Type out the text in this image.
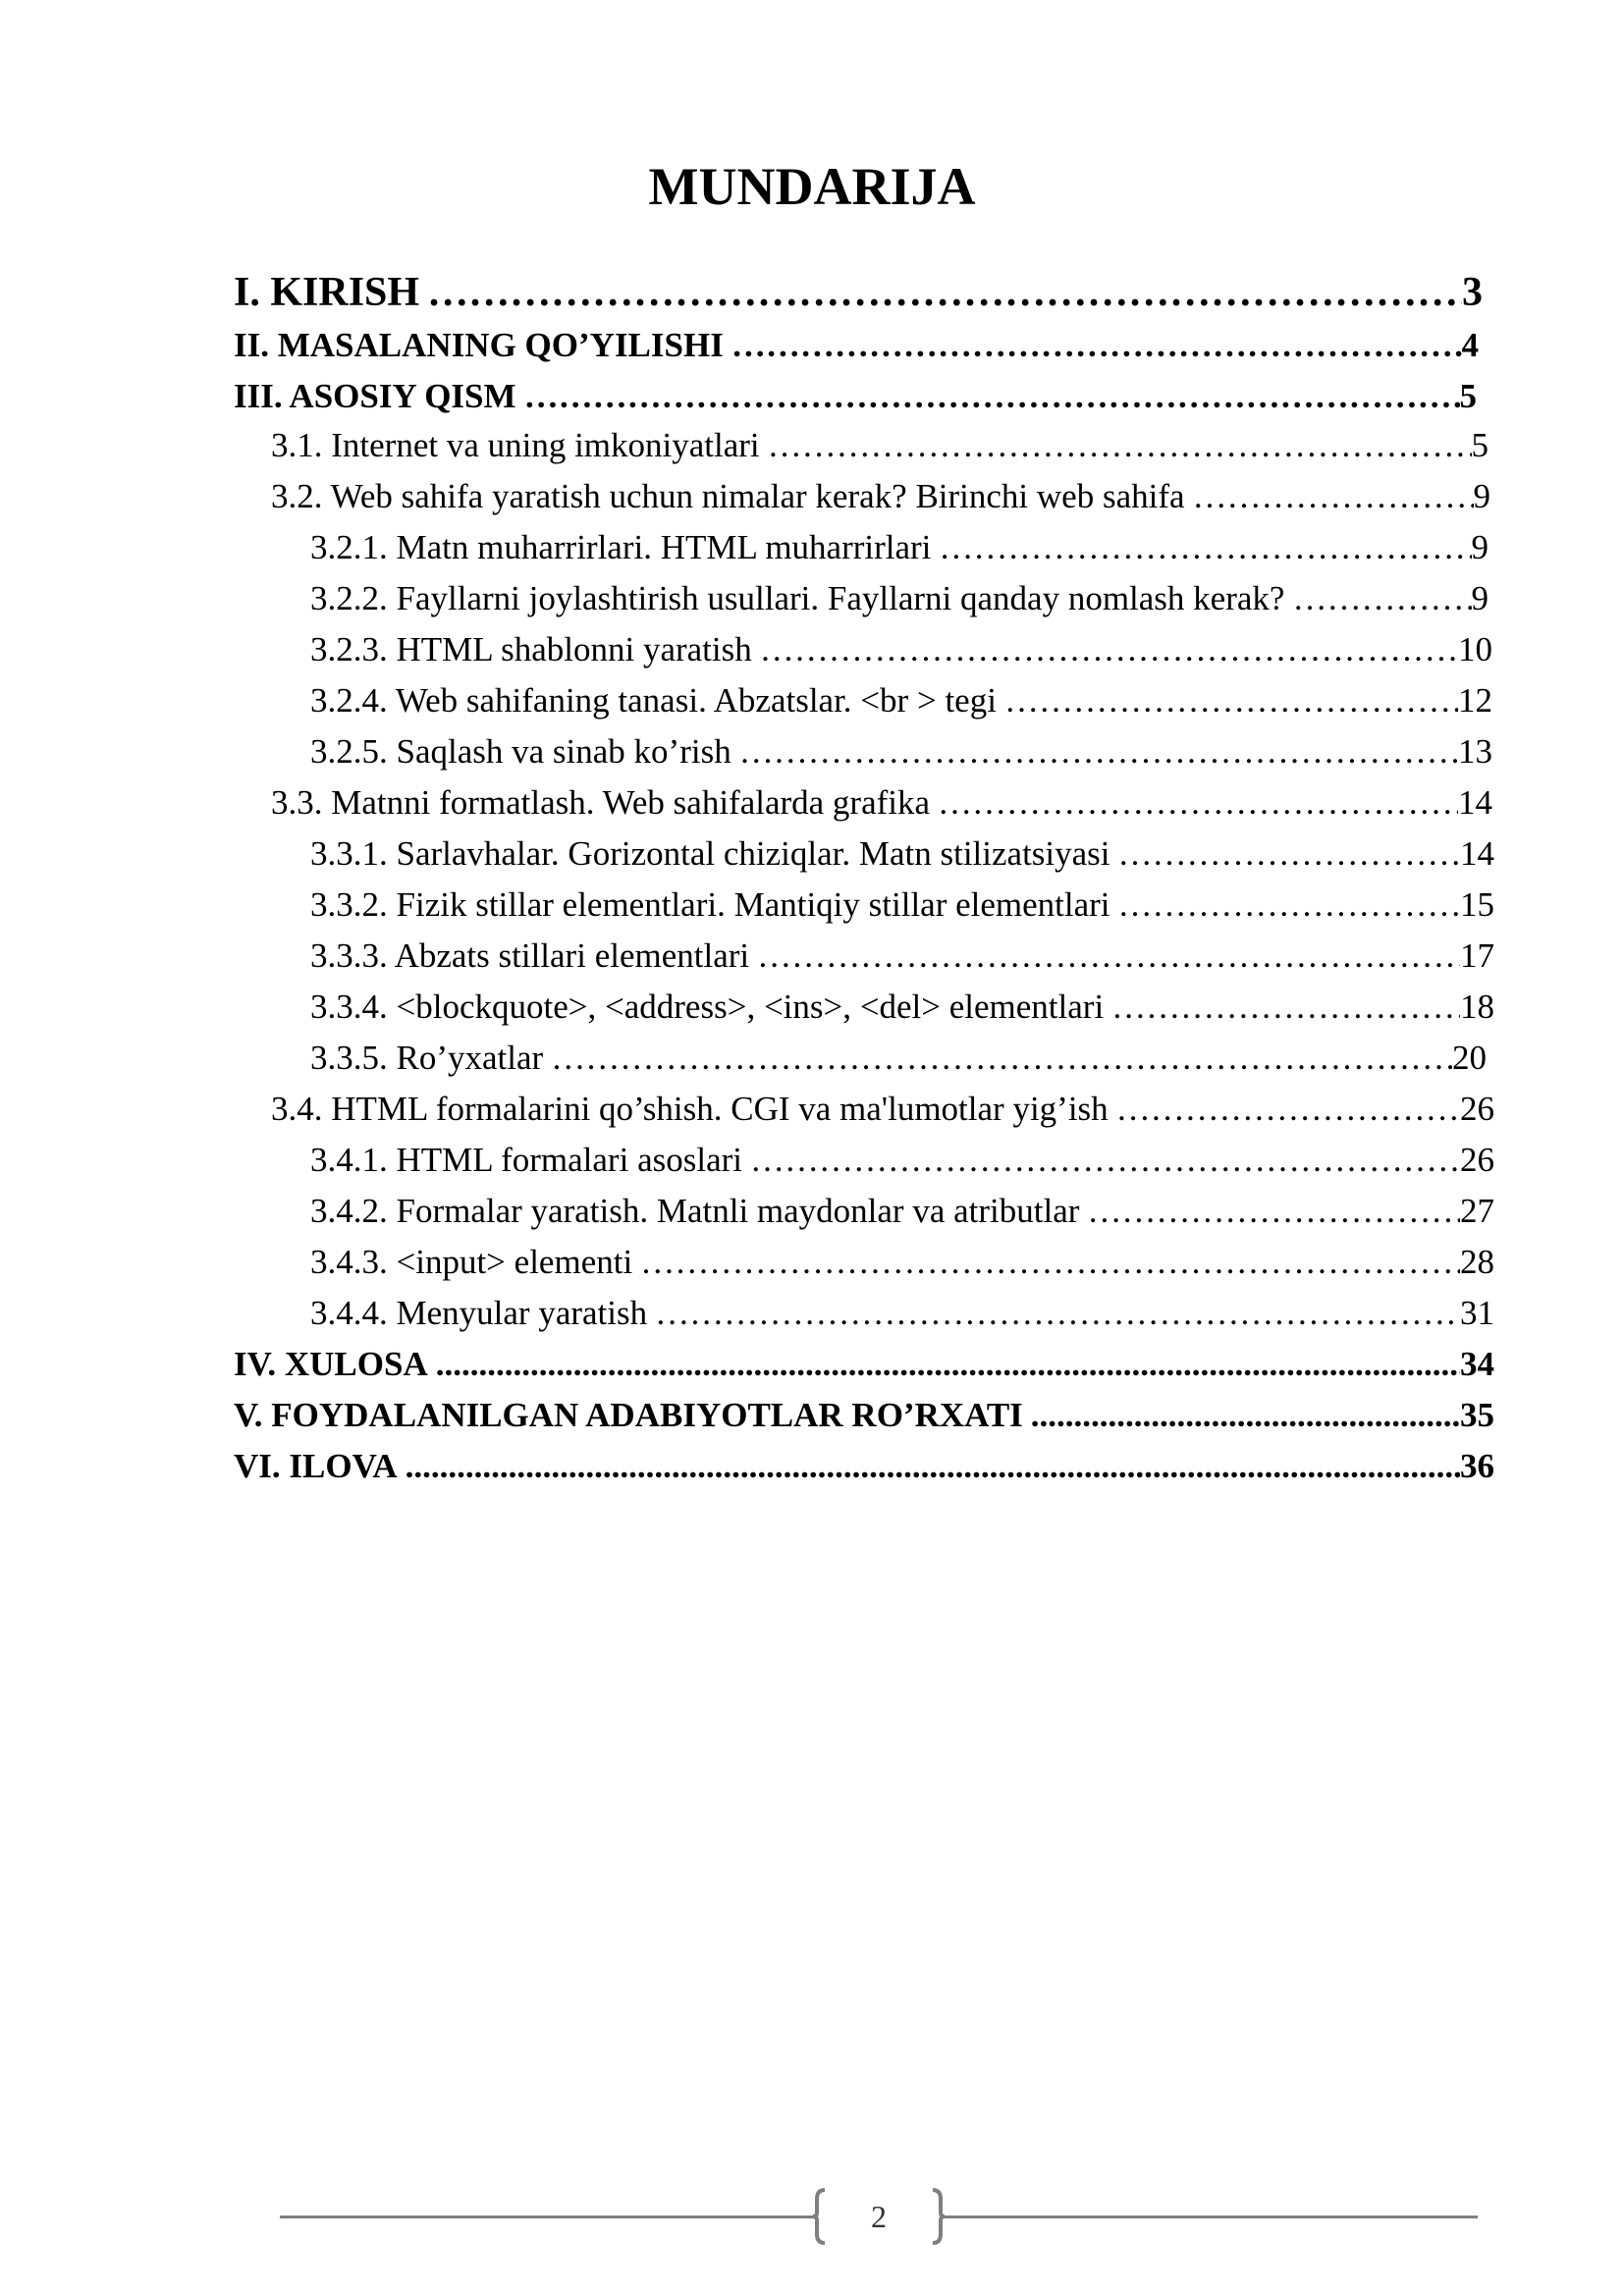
MUNDARIJA
I. KIRISH ……………………………………………………………………………………………………………………………………………………………………………………	3
II. MASALANING QO’YILISHI ……………………………………………………………………………………………………………………………………………………………………………………	4
III. ASOSIY QISM ……………………………………………………………………………………………………………………………………………………………………………………	5
3.1. Internet va uning imkoniyatlari ……………………………………………………………………………………………………………………………………………………………………………………	5
3.2. Web sahifa yaratish uchun nimalar kerak? Birinchi web sahifa ……………………………………………………………………………………………………………………………………………………………………………………	9
3.2.1. Matn muharrirlari. HTML muharrirlari ……………………………………………………………………………………………………………………………………………………………………………………	9
3.2.2. Fayllarni joylashtirish usullari. Fayllarni qanday nomlash kerak? ……………………………………………………………………………………………………………………………………………………………………………………	9
3.2.3. HTML shablonni yaratish ……………………………………………………………………………………………………………………………………………………………………………………	10
3.2.4. Web sahifaning tanasi. Abzatslar. <br > tegi ……………………………………………………………………………………………………………………………………………………………………………………	12
3.2.5. Saqlash va sinab ko’rish ……………………………………………………………………………………………………………………………………………………………………………………	13
3.3. Matnni formatlash. Web sahifalarda grafika ……………………………………………………………………………………………………………………………………………………………………………………	14
3.3.1. Sarlavhalar. Gorizontal chiziqlar. Matn stilizatsiyasi ……………………………………………………………………………………………………………………………………………………………………………………	14
3.3.2. Fizik stillar elementlari. Mantiqiy stillar elementlari ……………………………………………………………………………………………………………………………………………………………………………………	15
3.3.3. Abzats stillari elementlari ……………………………………………………………………………………………………………………………………………………………………………………	17
3.3.4. <blockquote>, <address>, <ins>, <del> elementlari ……………………………………………………………………………………………………………………………………………………………………………………	18
3.3.5. Ro’yxatlar ……………………………………………………………………………………………………………………………………………………………………………………	20
3.4. HTML formalarini qo’shish. CGI va ma'lumotlar yig’ish ……………………………………………………………………………………………………………………………………………………………………………………	26
3.4.1. HTML formalari asoslari ……………………………………………………………………………………………………………………………………………………………………………………	26
3.4.2. Formalar yaratish. Matnli maydonlar va atributlar ……………………………………………………………………………………………………………………………………………………………………………………	27
3.4.3. <input> elementi ……………………………………………………………………………………………………………………………………………………………………………………	28
3.4.4. Menyular yaratish ……………………………………………………………………………………………………………………………………………………………………………………	31
IV. XULOSA .....	34
V. FOYDALANILGAN ADABIYOTLAR RO’RXATI .....	35
VI. ILOVA .....	36
2
